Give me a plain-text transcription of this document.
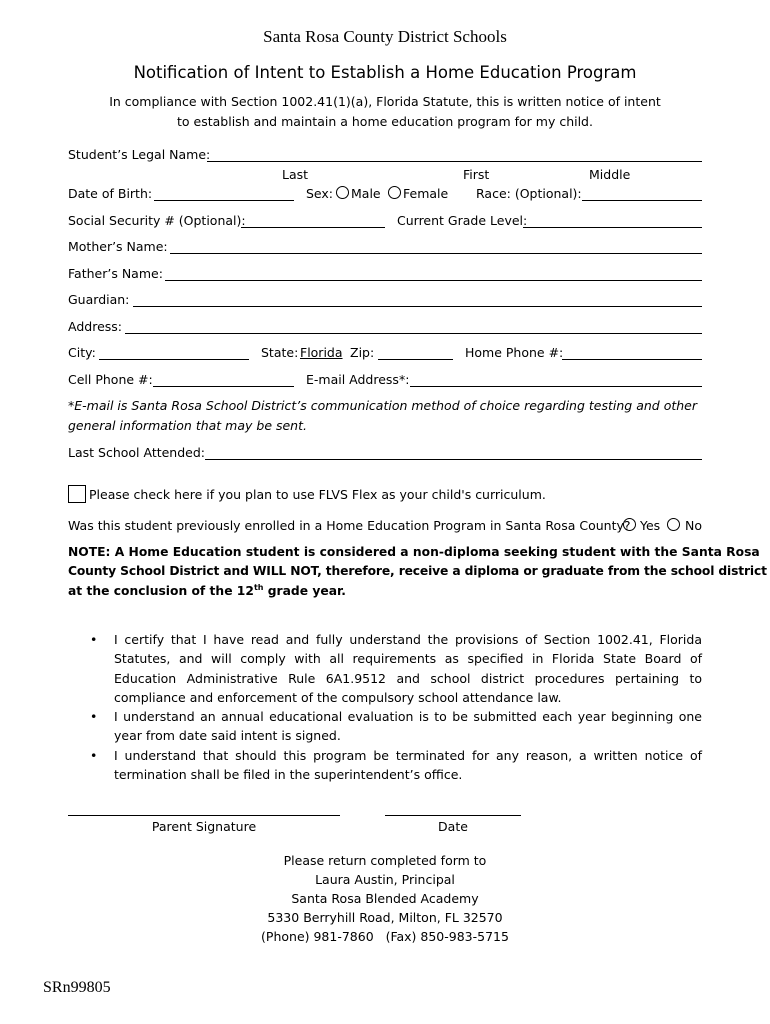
Santa Rosa County District Schools
Notification of Intent to Establish a Home Education Program
In compliance with Section 1002.41(1)(a), Florida Statute, this is written notice of intent
to establish and maintain a home education program for my child.
Student’s Legal Name:
Last	First	Middle
Date of Birth:	Sex: Male Female Race: (Optional):
Social Security # (Optional):	Current Grade Level:
Mother’s Name:
Father’s Name:
Guardian:
Address:
City:	State: Florida Zip:	Home Phone #:
Cell Phone #:	E-mail Address*:
*E-mail is Santa Rosa School District’s communication method of choice regarding testing and other
general information that may be sent.
Last School Attended:
Please check here if you plan to use FLVS Flex as your child's curriculum.
Was this student previously enrolled in a Home Education Program in Santa Rosa County? Yes No
NOTE: A Home Education student is considered a non-diploma seeking student with the Santa Rosa
County School District and WILL NOT, therefore, receive a diploma or graduate from the school district
at the conclusion of the 12th grade year.
• I certify that I have read and fully understand the provisions of Section 1002.41, Florida Statutes, and will comply with all requirements as specified in Florida State Board of Education Administrative Rule 6A1.9512 and school district procedures pertaining to compliance and enforcement of the compulsory school attendance law.
• I understand an annual educational evaluation is to be submitted each year beginning one year from date said intent is signed.
• I understand that should this program be terminated for any reason, a written notice of termination shall be filed in the superintendent’s office.
Parent Signature	Date
Please return completed form to
Laura Austin, Principal
Santa Rosa Blended Academy
5330 Berryhill Road, Milton, FL 32570
(Phone) 981-7860   (Fax) 850-983-5715
SRn99805
